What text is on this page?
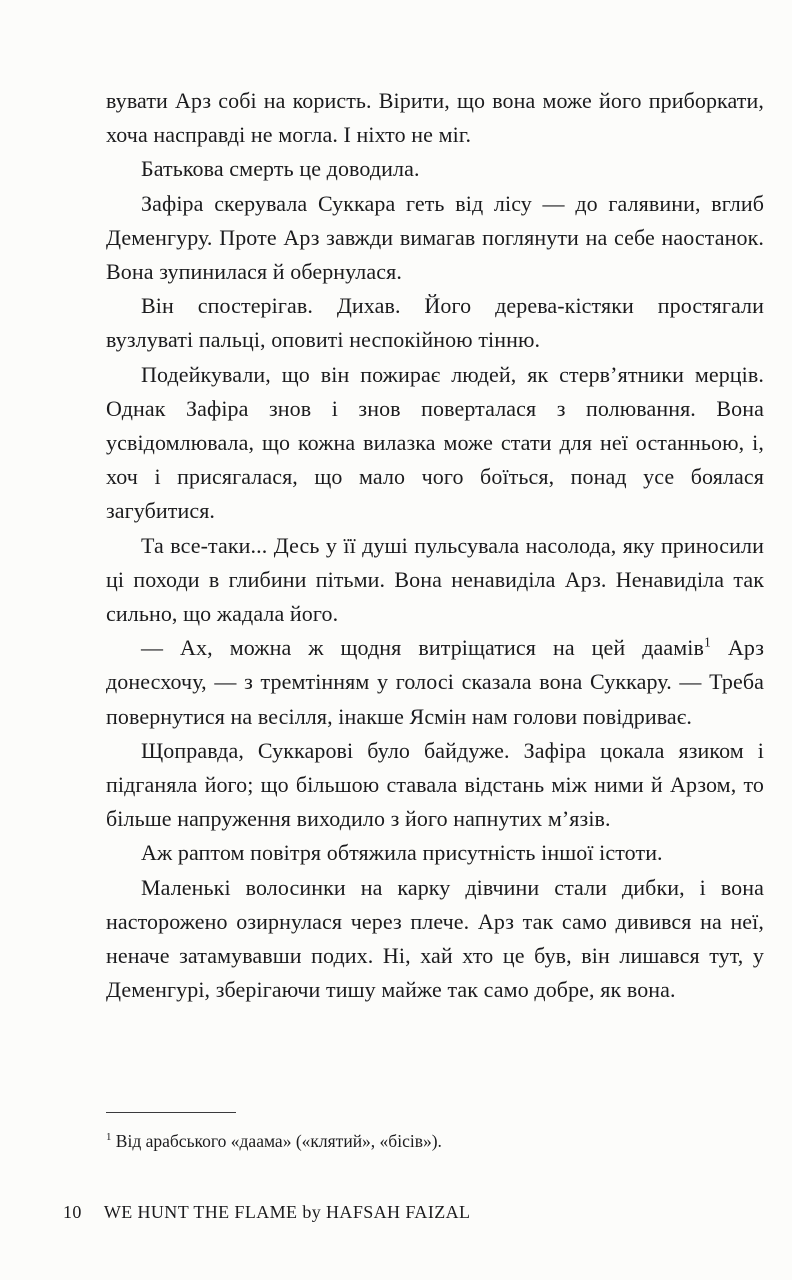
вувати Арз собі на користь. Вірити, що вона може його приборкати, хоча насправді не могла. І ніхто не міг.

Батькова смерть це доводила.

Зафіра скерувала Суккара геть від лісу — до галявини, вглиб Деменгуру. Проте Арз завжди вимагав поглянути на себе наостанок. Вона зупинилася й обернулася.

Він спостерігав. Дихав. Його дерева-кістяки простягали вузлуваті пальці, оповиті неспокійною тінню.

Подейкували, що він пожирає людей, як стерв’ятники мерців. Однак Зафіра знов і знов поверталася з полювання. Вона усвідомлювала, що кожна вилазка може стати для неї останньою, і, хоч і присягалася, що мало чого боїться, понад усе боялася загубитися.

Та все-таки... Десь у її душі пульсувала насолода, яку приносили ці походи в глибини пітьми. Вона ненавиділа Арз. Ненавиділа так сильно, що жадала його.

— Ах, можна ж щодня витріщатися на цей даамів$^1$ Арз донесхочу, — з тремтінням у голосі сказала вона Суккару. — Треба повернутися на весілля, інакше Ясмін нам голови повідриває.

Щоправда, Суккарові було байдуже. Зафіра цокала язиком і підганяла його; що більшою ставала відстань між ними й Арзом, то більше напруження виходило з його напнутих м’язів.

Аж раптом повітря обтяжила присутність іншої істоти.

Маленькі волосинки на карку дівчини стали дибки, і вона насторожено озирнулася через плече. Арз так само дивився на неї, неначе затамувавши подих. Ні, хай хто це був, він лишався тут, у Деменгурі, зберігаючи тишу майже так само добре, як вона.

$^1$ Від арабського «даама» («клятий», «бісів»).

10 WE HUNT THE FLAME by HAFSAH FAIZAL
